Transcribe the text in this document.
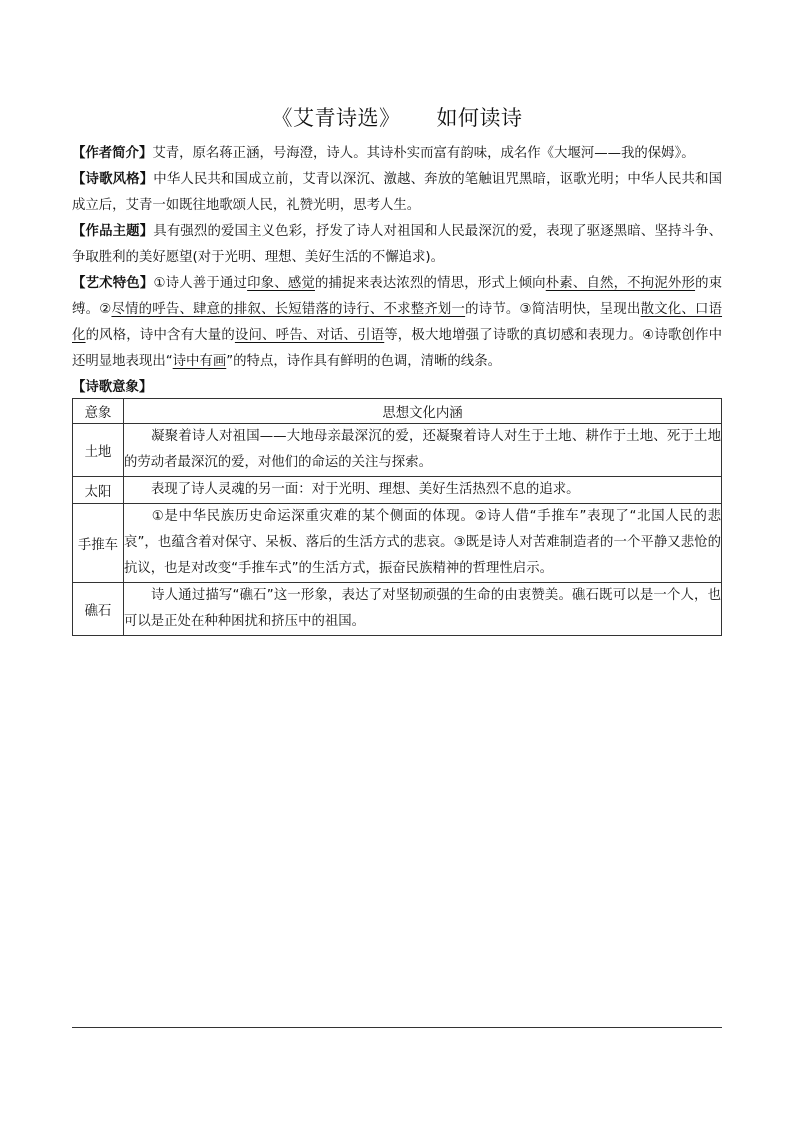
《艾青诗选》 如何读诗

【作者简介】艾青，原名蒋正涵，号海澄，诗人。其诗朴实而富有韵味，成名作《大堰河——我的保姆》。

【诗歌风格】中华人民共和国成立前，艾青以深沉、激越、奔放的笔触诅咒黑暗，讴歌光明；中华人民共和国成立后，艾青一如既往地歌颂人民，礼赞光明，思考人生。

【作品主题】具有强烈的爱国主义色彩，抒发了诗人对祖国和人民最深沉的爱，表现了驱逐黑暗、坚持斗争、争取胜利的美好愿望(对于光明、理想、美好生活的不懈追求)。

【艺术特色】①诗人善于通过印象、感觉的捕捉来表达浓烈的情思，形式上倾向朴素、自然，不拘泥外形的束缚。②尽情的呼告、肆意的排叙、长短错落的诗行、不求整齐划一的诗节。③简洁明快，呈现出散文化、口语化的风格，诗中含有大量的设问、呼告、对话、引语等，极大地增强了诗歌的真切感和表现力。④诗歌创作中还明显地表现出“诗中有画”的特点，诗作具有鲜明的色调，清晰的线条。

【诗歌意象】

意象	思想文化内涵
土地	凝聚着诗人对祖国——大地母亲最深沉的爱，还凝聚着诗人对生于土地、耕作于土地、死于土地的劳动者最深沉的爱，对他们的命运的关注与探索。
太阳	表现了诗人灵魂的另一面：对于光明、理想、美好生活热烈不息的追求。
手推车	①是中华民族历史命运深重灾难的某个侧面的体现。②诗人借“手推车”表现了“北国人民的悲哀”，也蕴含着对保守、呆板、落后的生活方式的悲哀。③既是诗人对苦难制造者的一个平静又悲怆的抗议，也是对改变“手推车式”的生活方式，振奋民族精神的哲理性启示。
礁石	诗人通过描写“礁石”这一形象，表达了对坚韧顽强的生命的由衷赞美。礁石既可以是一个人，也可以是正处在种种困扰和挤压中的祖国。
